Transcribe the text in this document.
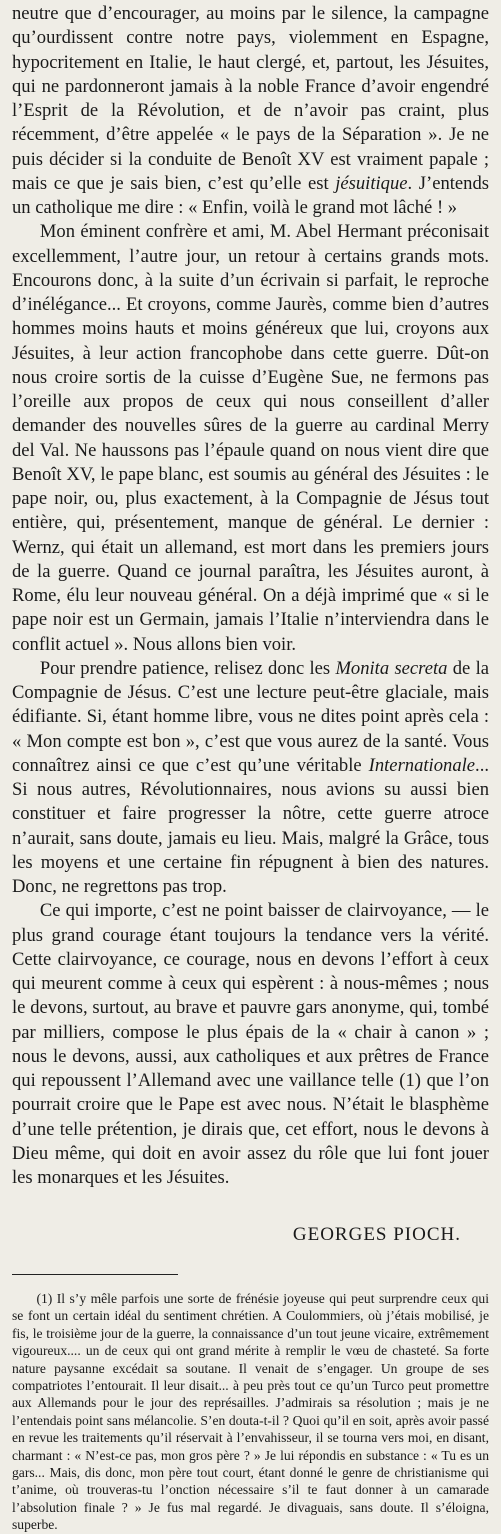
neutre que d’encourager, au moins par le silence, la campagne qu’ourdissent contre notre pays, violemment en Espagne, hypocritement en Italie, le haut clergé, et, partout, les Jésuites, qui ne pardonneront jamais à la noble France d’avoir engendré l’Esprit de la Révolution, et de n’avoir pas craint, plus récemment, d’être appelée « le pays de la Séparation ». Je ne puis décider si la conduite de Benoît XV est vraiment papale ; mais ce que je sais bien, c’est qu’elle est jésuitique. J’entends un catholique me dire : « Enfin, voilà le grand mot lâché ! »

Mon éminent confrère et ami, M. Abel Hermant préconisait excellemment, l’autre jour, un retour à certains grands mots. Encourons donc, à la suite d’un écrivain si parfait, le reproche d’inélégance... Et croyons, comme Jaurès, comme bien d’autres hommes moins hauts et moins généreux que lui, croyons aux Jésuites, à leur action francophobe dans cette guerre. Dût-on nous croire sortis de la cuisse d’Eugène Sue, ne fermons pas l’oreille aux propos de ceux qui nous conseillent d’aller demander des nouvelles sûres de la guerre au cardinal Merry del Val. Ne haussons pas l’épaule quand on nous vient dire que Benoît XV, le pape blanc, est soumis au général des Jésuites : le pape noir, ou, plus exactement, à la Compagnie de Jésus tout entière, qui, présentement, manque de général. Le dernier : Wernz, qui était un allemand, est mort dans les premiers jours de la guerre. Quand ce journal paraîtra, les Jésuites auront, à Rome, élu leur nouveau général. On a déjà imprimé que « si le pape noir est un Germain, jamais l’Italie n’interviendra dans le conflit actuel ». Nous allons bien voir.

Pour prendre patience, relisez donc les Monita secreta de la Compagnie de Jésus. C’est une lecture peut-être glaciale, mais édifiante. Si, étant homme libre, vous ne dites point après cela : « Mon compte est bon », c’est que vous aurez de la santé. Vous connaîtrez ainsi ce que c’est qu’une véritable Internationale... Si nous autres, Révolutionnaires, nous avions su aussi bien constituer et faire progresser la nôtre, cette guerre atroce n’aurait, sans doute, jamais eu lieu. Mais, malgré la Grâce, tous les moyens et une certaine fin répugnent à bien des natures. Donc, ne regrettons pas trop.

Ce qui importe, c’est ne point baisser de clairvoyance, — le plus grand courage étant toujours la tendance vers la vérité. Cette clairvoyance, ce courage, nous en devons l’effort à ceux qui meurent comme à ceux qui espèrent : à nous-mêmes ; nous le devons, surtout, au brave et pauvre gars anonyme, qui, tombé par milliers, compose le plus épais de la « chair à canon » ; nous le devons, aussi, aux catholiques et aux prêtres de France qui repoussent l’Allemand avec une vaillance telle (1) que l’on pourrait croire que le Pape est avec nous. N’était le blasphème d’une telle prétention, je dirais que, cet effort, nous le devons à Dieu même, qui doit en avoir assez du rôle que lui font jouer les monarques et les Jésuites.

GEORGES PIOCH.

(1) Il s’y mêle parfois une sorte de frénésie joyeuse qui peut surprendre ceux qui se font un certain idéal du sentiment chrétien. A Coulommiers, où j’étais mobilisé, je fis, le troisième jour de la guerre, la connaissance d’un tout jeune vicaire, extrêmement vigoureux.... un de ceux qui ont grand mérite à remplir le vœu de chasteté. Sa forte nature paysanne excédait sa soutane. Il venait de s’engager. Un groupe de ses compatriotes l’entourait. Il leur disait... à peu près tout ce qu’un Turco peut promettre aux Allemands pour le jour des représailles. J’admirais sa résolution ; mais je ne l’entendais point sans mélancolie. S’en douta-t-il ? Quoi qu’il en soit, après avoir passé en revue les traitements qu’il réservait à l’envahisseur, il se tourna vers moi, en disant, charmant : « N’est-ce pas, mon gros père ? » Je lui répondis en substance : « Tu es un gars... Mais, dis donc, mon père tout court, étant donné le genre de christianisme qui t’anime, où trouveras-tu l’onction nécessaire s’il te faut donner à un camarade l’absolution finale ? » Je fus mal regardé. Je divaguais, sans doute. Il s’éloigna, superbe.
